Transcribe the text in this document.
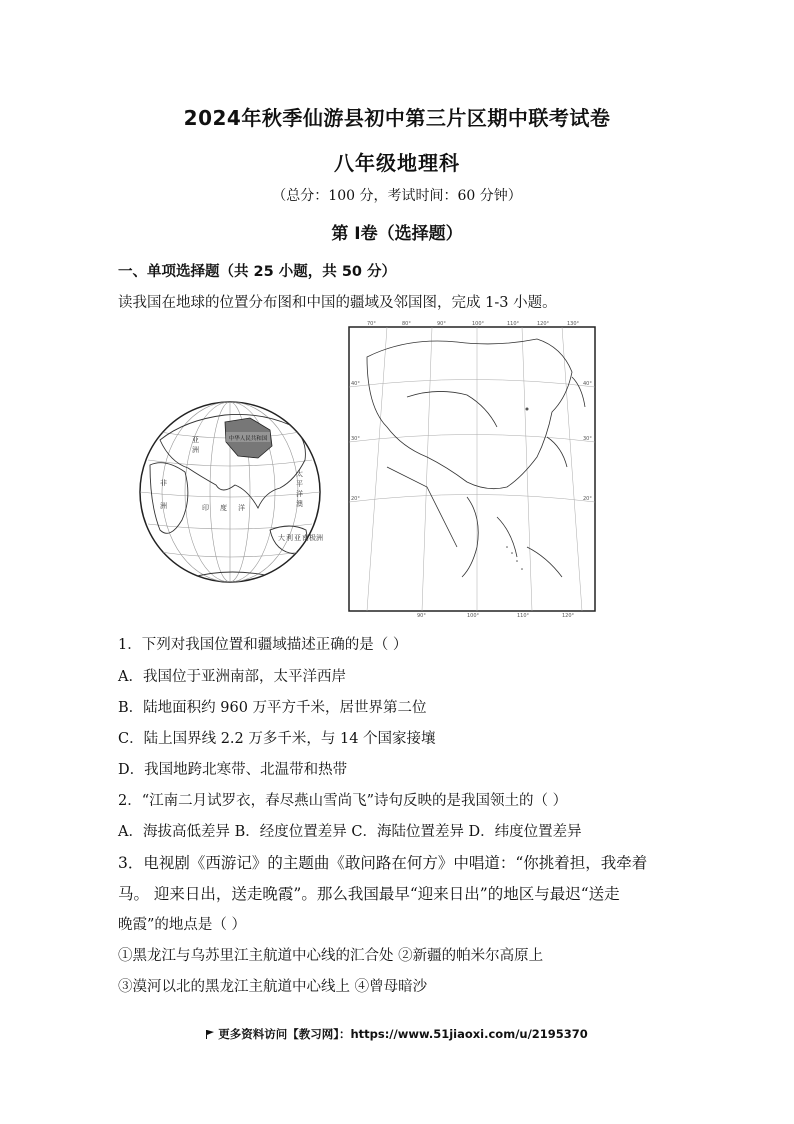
2024年秋季仙游县初中第三片区期中联考试卷
八年级地理科
（总分：100 分，考试时间：60 分钟）
第 I卷（选择题）
一、单项选择题（共 25 小题，共 50 分）
读我国在地球的位置分布图和中国的疆域及邻国图，完成 1-3 小题。
中华人民共和国
亚
洲
非
洲	印 度 洋
太
平
洋
澳
大 利 亚 南极洲
70°	80°	90°	100°	110°	120°	130°
90°	100°	110°	120°
40°
30°
20°
40°
30°
20°
1．下列对我国位置和疆域描述正确的是（ ）
A．我国位于亚洲南部，太平洋西岸
B．陆地面积约 960 万平方千米，居世界第二位
C．陆上国界线 2.2 万多千米，与 14 个国家接壤
D．我国地跨北寒带、北温带和热带
2．“江南二月试罗衣，春尽燕山雪尚飞”诗句反映的是我国领土的（ ）
A．海拔高低差异 B．经度位置差异 C．海陆位置差异 D．纬度位置差异
3．电视剧《西游记》的主题曲《敢问路在何方》中唱道：“你挑着担，我牵着
马。 迎来日出，送走晚霞”。那么我国最早“迎来日出”的地区与最迟“送走
晚霞”的地点是（ ）
①黑龙江与乌苏里江主航道中心线的汇合处 ②新疆的帕米尔高原上
③漠河以北的黑龙江主航道中心线上 ④曾母暗沙
更多资料访问【教习网】：https://www.51jiaoxi.com/u/2195370
